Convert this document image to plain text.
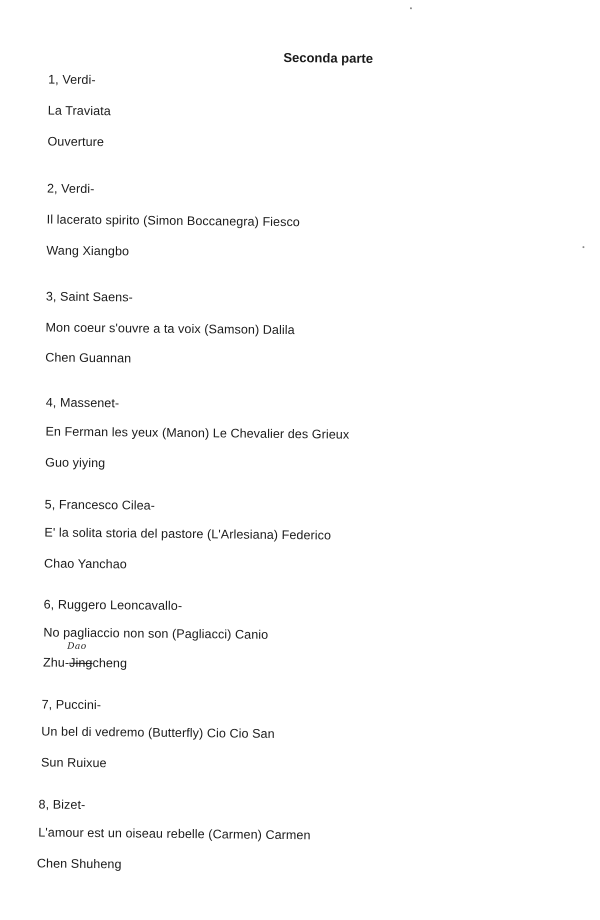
Seconda parte
1, Verdi-
La Traviata
Ouverture
2, Verdi-
Il lacerato spirito (Simon Boccanegra) Fiesco
Wang Xiangbo
3, Saint Saens-
Mon coeur s'ouvre a ta voix (Samson) Dalila
Chen Guannan
4, Massenet-
En Ferman les yeux (Manon) Le Chevalier des Grieux
Guo yiying
5, Francesco Cilea-
E' la solita storia del pastore (L'Arlesiana) Federico
Chao Yanchao
6, Ruggero Leoncavallo-
No pagliaccio non son (Pagliacci) Canio
Dao
Zhu-Jingcheng
7, Puccini-
Un bel di vedremo (Butterfly) Cio Cio San
Sun Ruixue
8, Bizet-
L'amour est un oiseau rebelle (Carmen) Carmen
Chen Shuheng
